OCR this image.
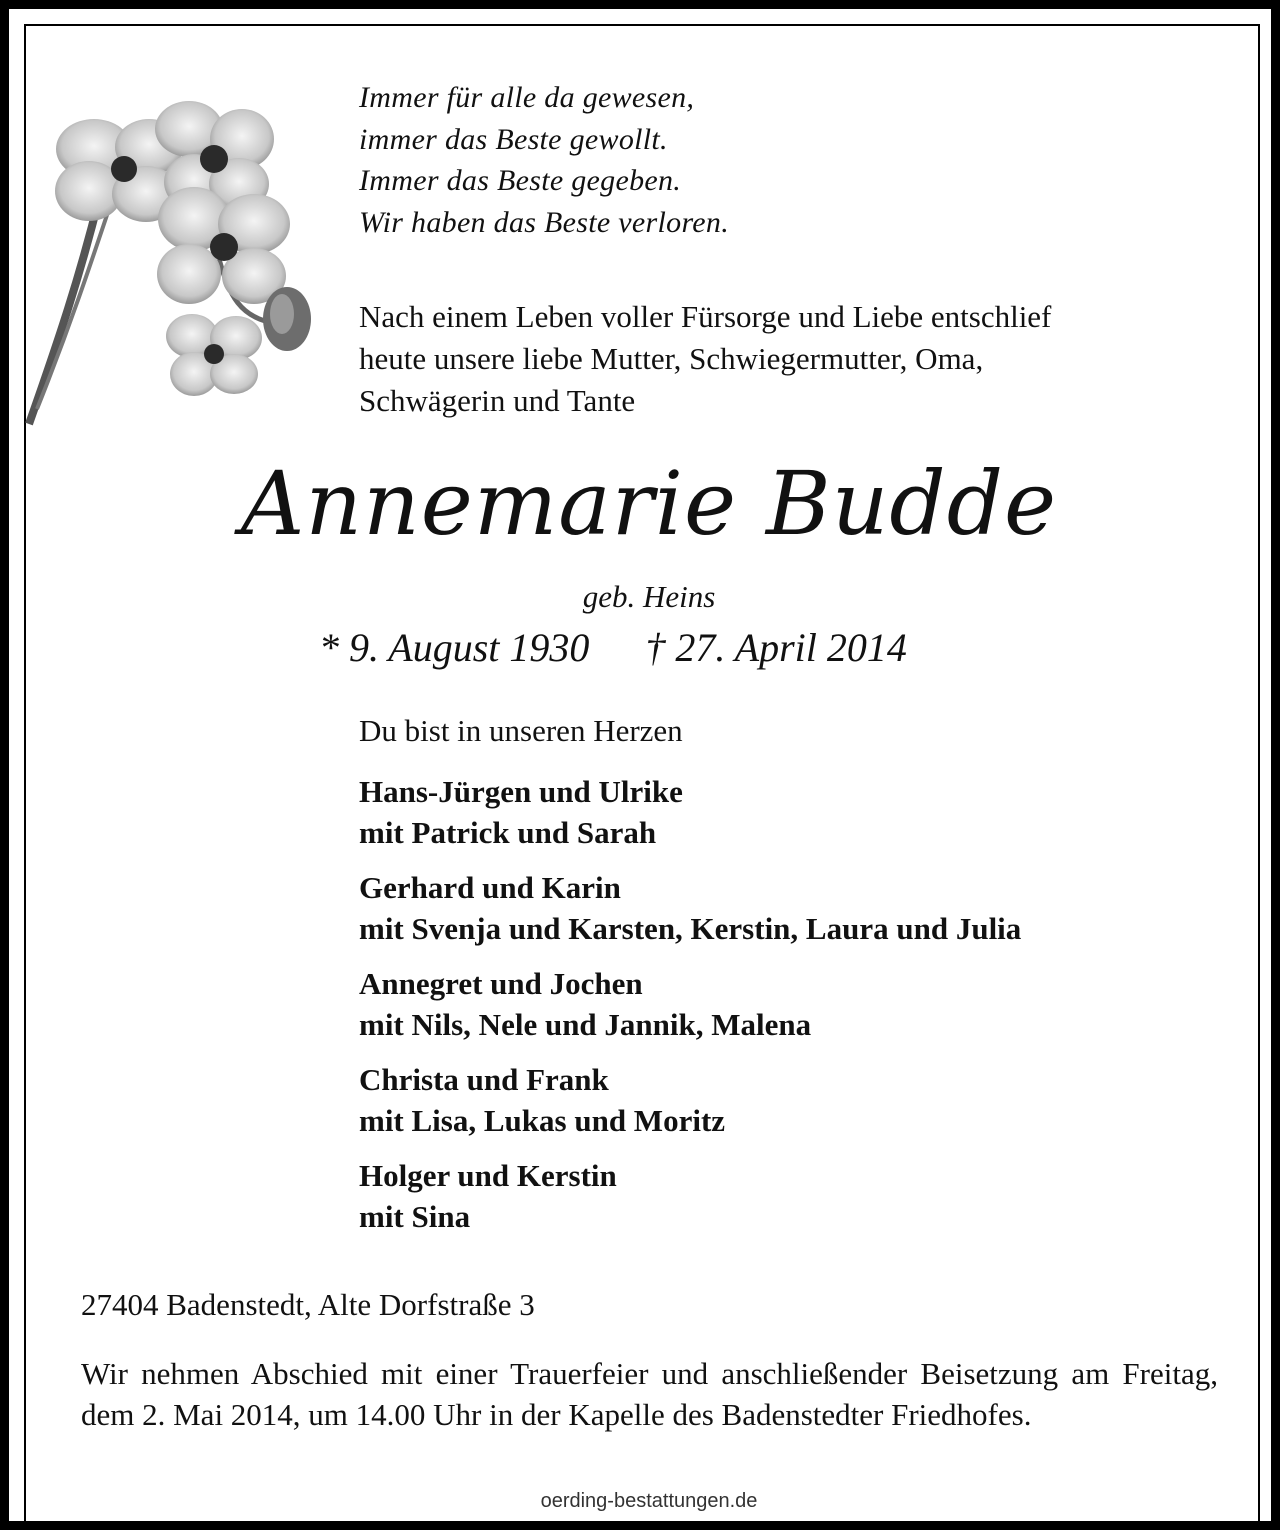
Immer für alle da gewesen,
immer das Beste gewollt.
Immer das Beste gegeben.
Wir haben das Beste verloren.
Nach einem Leben voller Fürsorge und Liebe entschlief
heute unsere liebe Mutter, Schwiegermutter, Oma,
Schwägerin und Tante
Annemarie Budde
geb. Heins
* 9. August 1930 † 27. April 2014
Du bist in unseren Herzen
Hans-Jürgen und Ulrike
mit Patrick und Sarah
Gerhard und Karin
mit Svenja und Karsten, Kerstin, Laura und Julia
Annegret und Jochen
mit Nils, Nele und Jannik, Malena
Christa und Frank
mit Lisa, Lukas und Moritz
Holger und Kerstin
mit Sina
27404 Badenstedt, Alte Dorfstraße 3

Wir nehmen Abschied mit einer Trauerfeier und anschließender Beisetzung am Freitag, dem 2. Mai 2014, um 14.00 Uhr in der Kapelle des Badenstedter Friedhofes.

oerding-bestattungen.de
